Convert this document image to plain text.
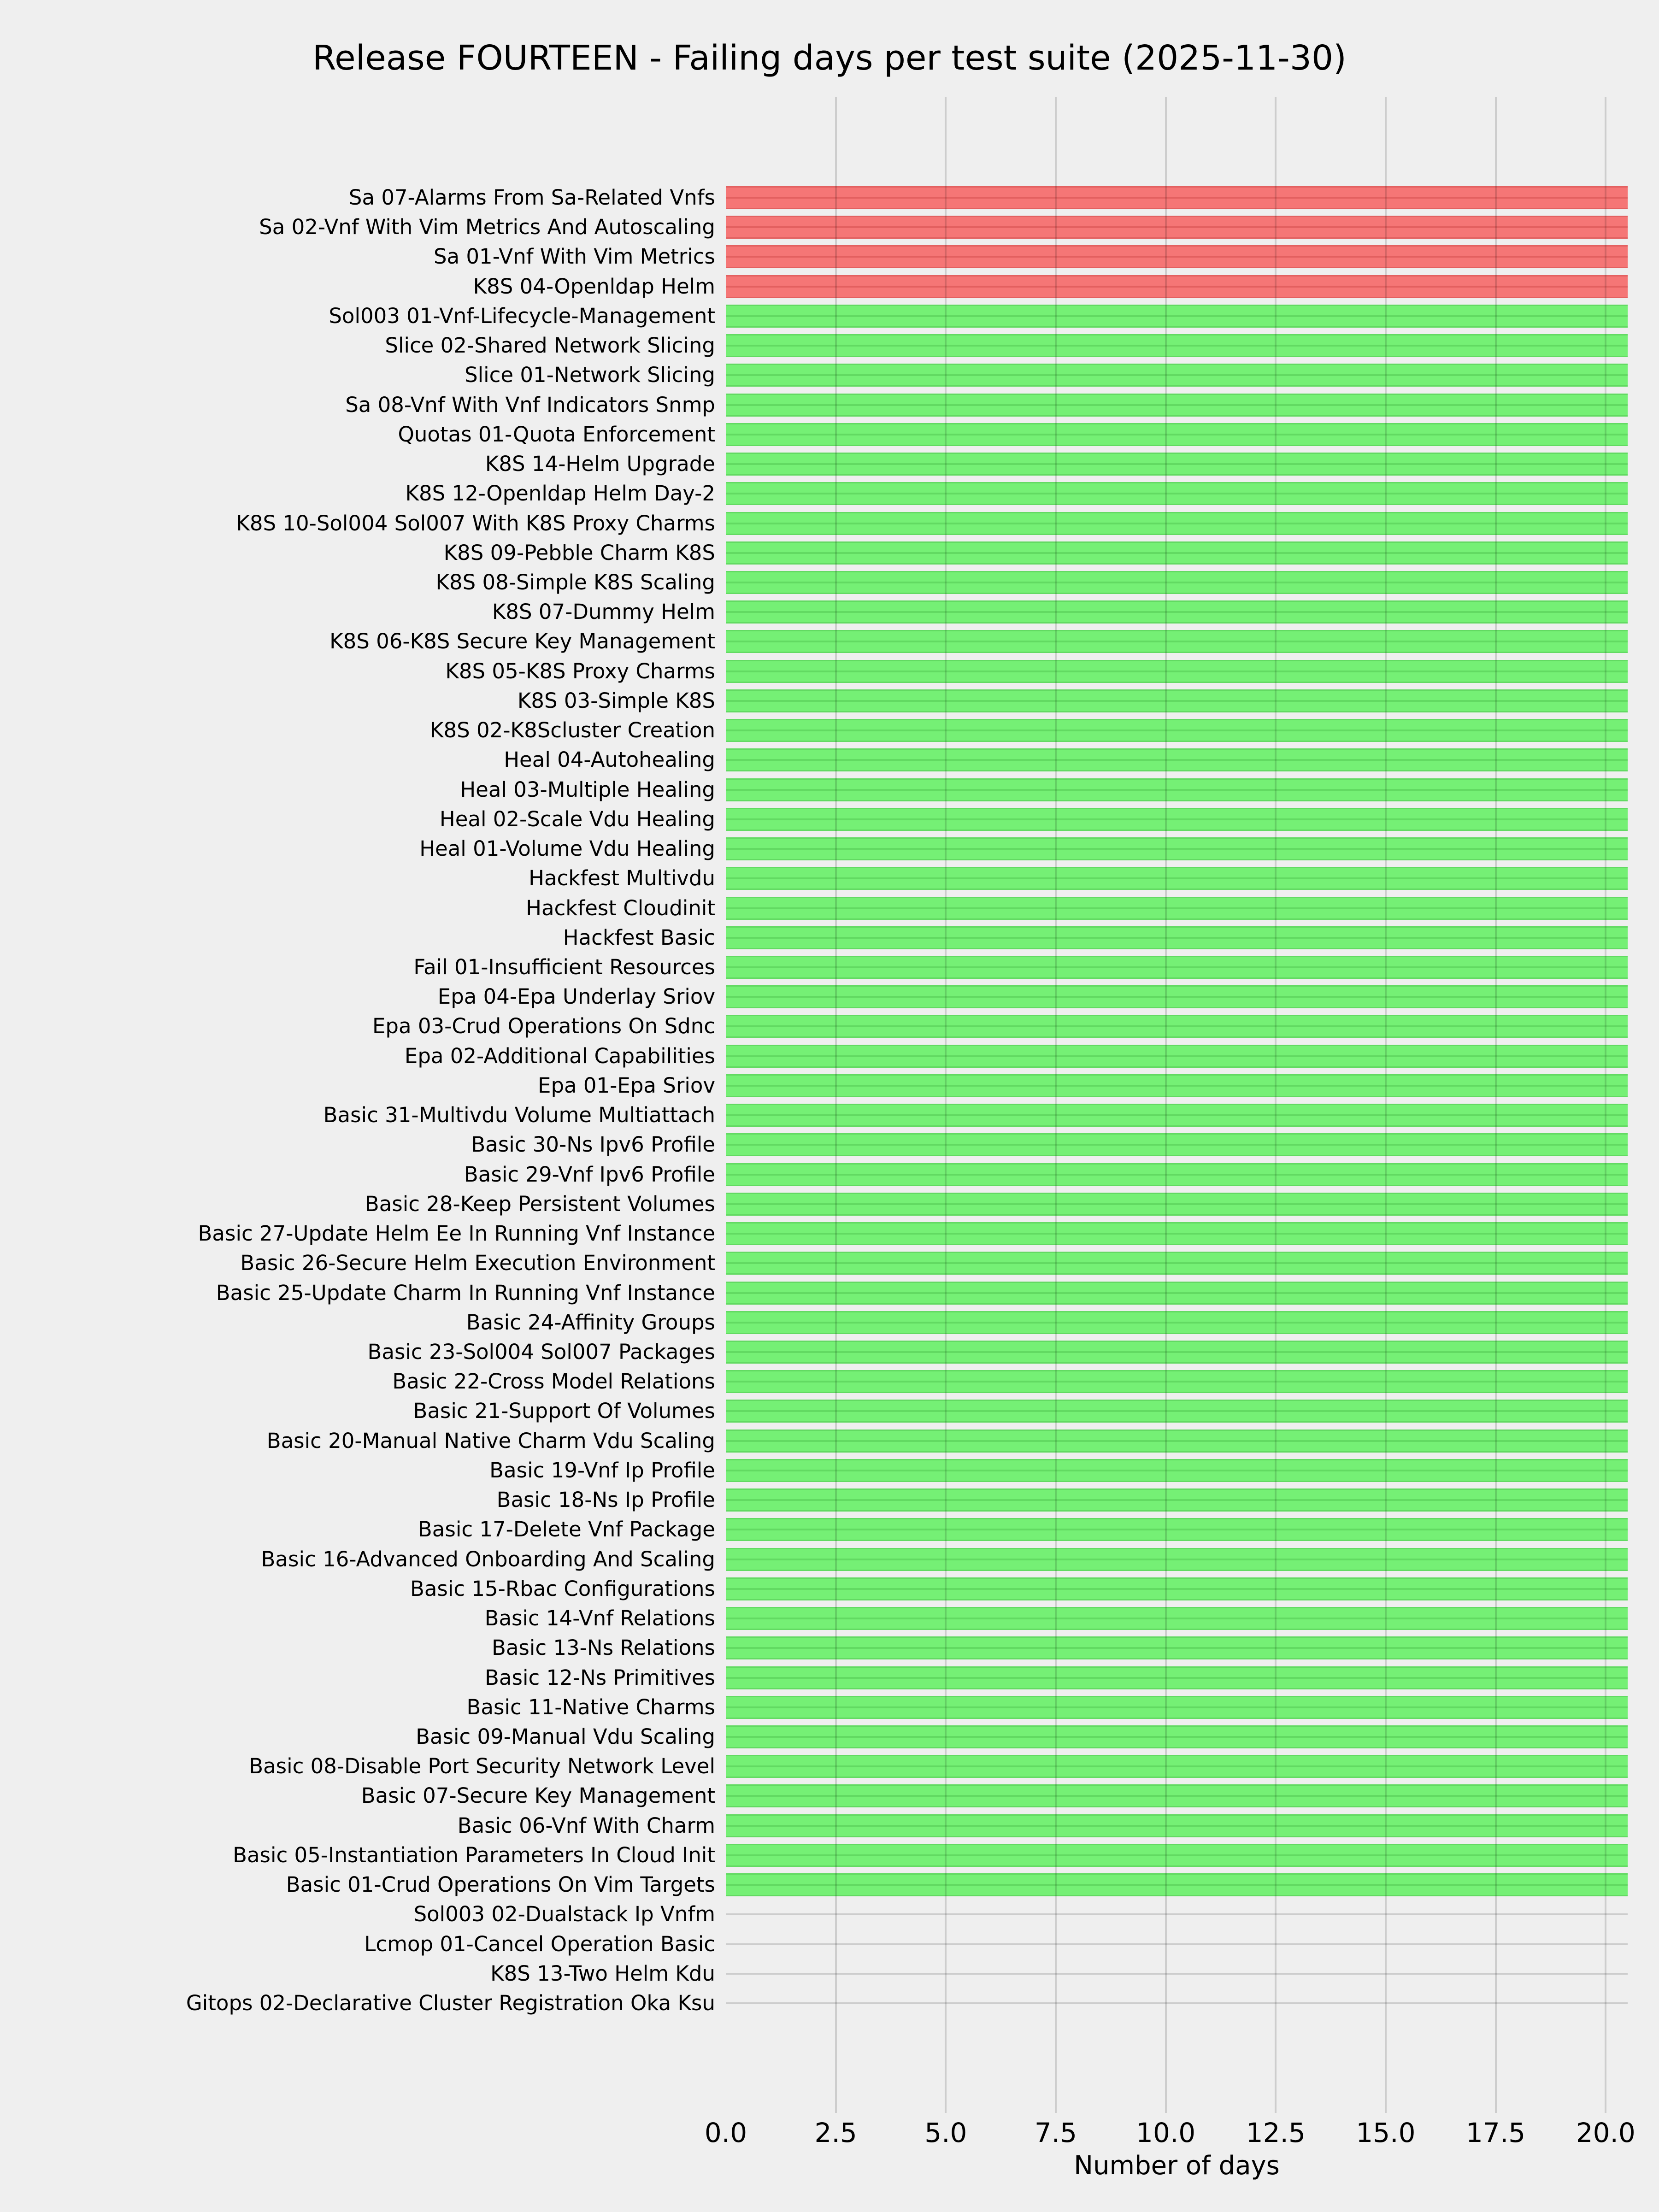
Release FOURTEEN - Failing days per test suite (2025-11-30)
Sa 07-Alarms From Sa-Related Vnfs
Sa 02-Vnf With Vim Metrics And Autoscaling
Sa 01-Vnf With Vim Metrics
K8S 04-Openldap Helm
Sol003 01-Vnf-Lifecycle-Management
Slice 02-Shared Network Slicing
Slice 01-Network Slicing
Sa 08-Vnf With Vnf Indicators Snmp
Quotas 01-Quota Enforcement
K8S 14-Helm Upgrade
K8S 12-Openldap Helm Day-2
K8S 10-Sol004 Sol007 With K8S Proxy Charms
K8S 09-Pebble Charm K8S
K8S 08-Simple K8S Scaling
K8S 07-Dummy Helm
K8S 06-K8S Secure Key Management
K8S 05-K8S Proxy Charms
K8S 03-Simple K8S
K8S 02-K8Scluster Creation
Heal 04-Autohealing
Heal 03-Multiple Healing
Heal 02-Scale Vdu Healing
Heal 01-Volume Vdu Healing
Hackfest Multivdu
Hackfest Cloudinit
Hackfest Basic
Fail 01-Insufficient Resources
Epa 04-Epa Underlay Sriov
Epa 03-Crud Operations On Sdnc
Epa 02-Additional Capabilities
Epa 01-Epa Sriov
Basic 31-Multivdu Volume Multiattach
Basic 30-Ns Ipv6 Profile
Basic 29-Vnf Ipv6 Profile
Basic 28-Keep Persistent Volumes
Basic 27-Update Helm Ee In Running Vnf Instance
Basic 26-Secure Helm Execution Environment
Basic 25-Update Charm In Running Vnf Instance
Basic 24-Affinity Groups
Basic 23-Sol004 Sol007 Packages
Basic 22-Cross Model Relations
Basic 21-Support Of Volumes
Basic 20-Manual Native Charm Vdu Scaling
Basic 19-Vnf Ip Profile
Basic 18-Ns Ip Profile
Basic 17-Delete Vnf Package
Basic 16-Advanced Onboarding And Scaling
Basic 15-Rbac Configurations
Basic 14-Vnf Relations
Basic 13-Ns Relations
Basic 12-Ns Primitives
Basic 11-Native Charms
Basic 09-Manual Vdu Scaling
Basic 08-Disable Port Security Network Level
Basic 07-Secure Key Management
Basic 06-Vnf With Charm
Basic 05-Instantiation Parameters In Cloud Init
Basic 01-Crud Operations On Vim Targets
Sol003 02-Dualstack Ip Vnfm
Lcmop 01-Cancel Operation Basic
K8S 13-Two Helm Kdu
Gitops 02-Declarative Cluster Registration Oka Ksu
0.0	2.5	5.0	7.5	10.0	12.5	15.0	17.5	20.0
Number of days
